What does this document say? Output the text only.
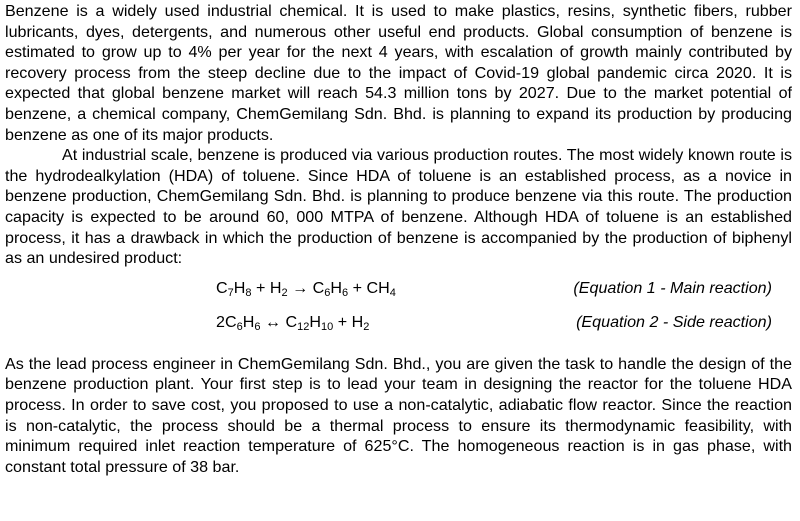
Benzene is a widely used industrial chemical. It is used to make plastics, resins, synthetic fibers, rubber lubricants, dyes, detergents, and numerous other useful end products. Global consumption of benzene is estimated to grow up to 4% per year for the next 4 years, with escalation of growth mainly contributed by recovery process from the steep decline due to the impact of Covid-19 global pandemic circa 2020. It is expected that global benzene market will reach 54.3 million tons by 2027. Due to the market potential of benzene, a chemical company, ChemGemilang Sdn. Bhd. is planning to expand its production by producing benzene as one of its major products.

At industrial scale, benzene is produced via various production routes. The most widely known route is the hydrodealkylation (HDA) of toluene. Since HDA of toluene is an established process, as a novice in benzene production, ChemGemilang Sdn. Bhd. is planning to produce benzene via this route. The production capacity is expected to be around 60, 000 MTPA of benzene. Although HDA of toluene is an established process, it has a drawback in which the production of benzene is accompanied by the production of biphenyl as an undesired product:

$C_7H_8 + H_2 \to C_6H_6 + CH_4$	(Equation 1 - Main reaction)
$2C_6H_6$ ↔ $C_{12}H_{10} + H_2$	(Equation 2 - Side reaction)

As the lead process engineer in ChemGemilang Sdn. Bhd., you are given the task to handle the design of the benzene production plant. Your first step is to lead your team in designing the reactor for the toluene HDA process. In order to save cost, you proposed to use a non-catalytic, adiabatic flow reactor. Since the reaction is non-catalytic, the process should be a thermal process to ensure its thermodynamic feasibility, with minimum required inlet reaction temperature of 625°C. The homogeneous reaction is in gas phase, with constant total pressure of 38 bar.
